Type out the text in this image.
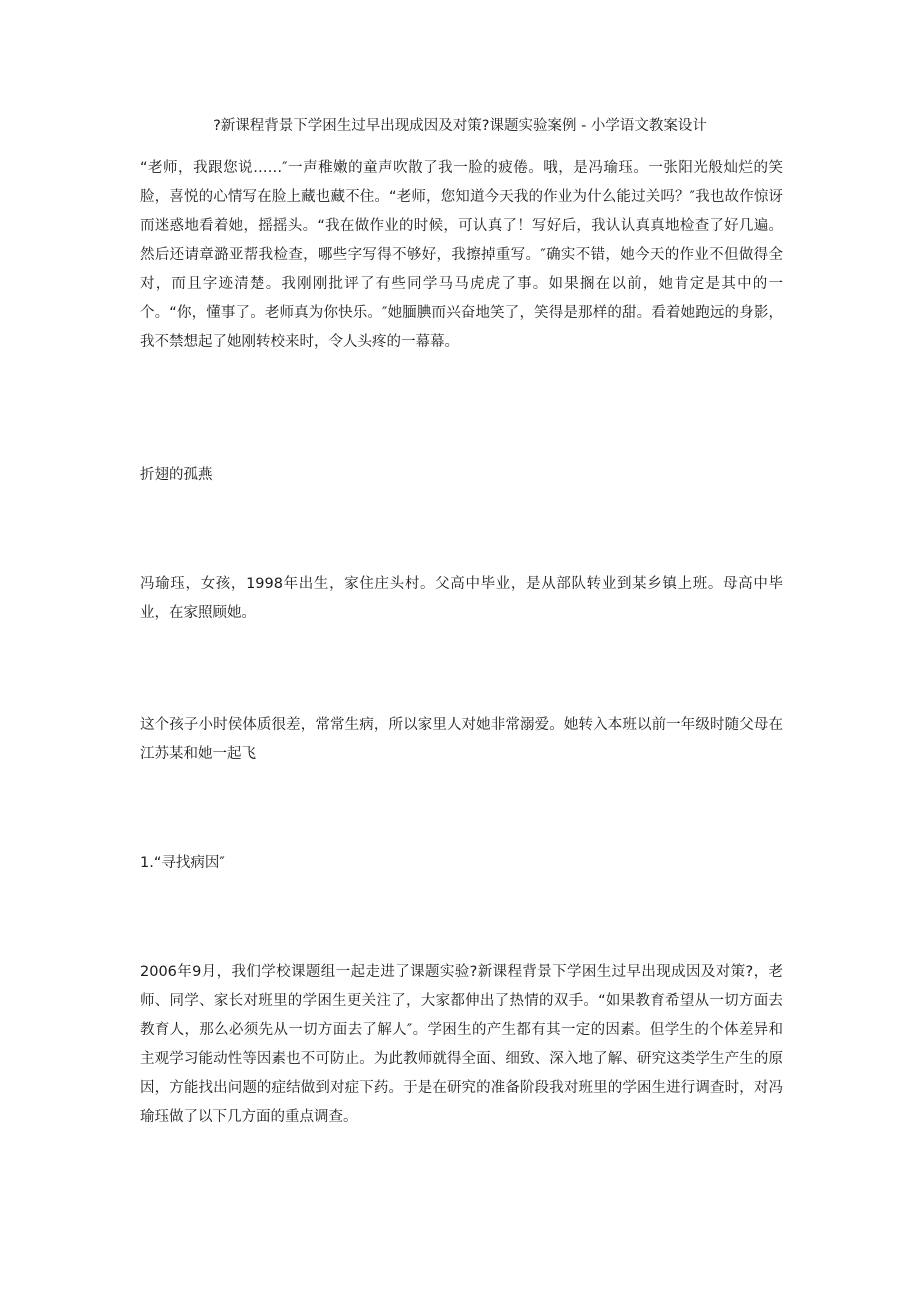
?新课程背景下学困生过早出现成因及对策?课题实验案例 - 小学语文教案设计

“老师，我跟您说……″一声稚嫩的童声吹散了我一脸的疲倦。哦，是冯瑜珏。一张阳光般灿烂的笑脸，喜悦的心情写在脸上藏也藏不住。“老师，您知道今天我的作业为什么能过关吗？″我也故作惊讶而迷惑地看着她，摇摇头。“我在做作业的时候，可认真了！写好后，我认认真真地检查了好几遍。然后还请章潞亚帮我检查，哪些字写得不够好，我擦掉重写。″确实不错，她今天的作业不但做得全对，而且字迹清楚。我刚刚批评了有些同学马马虎虎了事。如果搁在以前，她肯定是其中的一个。“你，懂事了。老师真为你快乐。″她腼腆而兴奋地笑了，笑得是那样的甜。看着她跑远的身影，我不禁想起了她刚转校来时，令人头疼的一幕幕。

折翅的孤燕

冯瑜珏，女孩，1998年出生，家住庄头村。父高中毕业，是从部队转业到某乡镇上班。母高中毕业，在家照顾她。

这个孩子小时侯体质很差，常常生病，所以家里人对她非常溺爱。她转入本班以前一年级时随父母在江苏某和她一起飞

1.“寻找病因″

2006年9月，我们学校课题组一起走进了课题实验?新课程背景下学困生过早出现成因及对策?，老师、同学、家长对班里的学困生更关注了，大家都伸出了热情的双手。“如果教育希望从一切方面去教育人，那么必须先从一切方面去了解人″。学困生的产生都有其一定的因素。但学生的个体差异和主观学习能动性等因素也不可防止。为此教师就得全面、细致、深入地了解、研究这类学生产生的原因，方能找出问题的症结做到对症下药。于是在研究的准备阶段我对班里的学困生进行调查时，对冯瑜珏做了以下几方面的重点调查。
